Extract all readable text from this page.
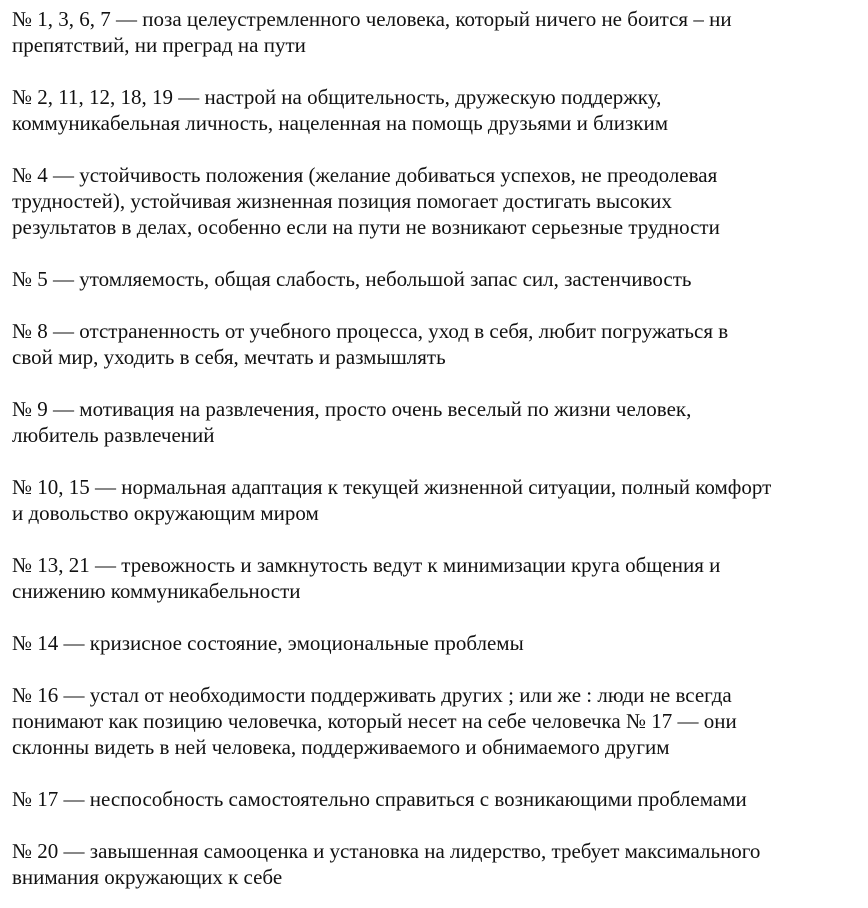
№ 1, 3, 6, 7 — поза целеустремленного человека, который ничего не боится – ни
препятствий, ни преград на пути

№ 2, 11, 12, 18, 19 — настрой на общительность, дружескую поддержку,
коммуникабельная личность, нацеленная на помощь друзьями и близким

№ 4 — устойчивость положения (желание добиваться успехов, не преодолевая
трудностей), устойчивая жизненная позиция помогает достигать высоких
результатов в делах, особенно если на пути не возникают серьезные трудности

№ 5 — утомляемость, общая слабость, небольшой запас сил, застенчивость

№ 8 — отстраненность от учебного процесса, уход в себя, любит погружаться в
свой мир, уходить в себя, мечтать и размышлять

№ 9 — мотивация на развлечения, просто очень веселый по жизни человек,
любитель развлечений

№ 10, 15 — нормальная адаптация к текущей жизненной ситуации, полный комфорт
и довольство окружающим миром

№ 13, 21 — тревожность и замкнутость ведут к минимизации круга общения и
снижению коммуникабельности

№ 14 — кризисное состояние, эмоциональные проблемы

№ 16 — устал от необходимости поддерживать других ; или же : люди не всегда
понимают как позицию человечка, который несет на себе человечка № 17 — они
склонны видеть в ней человека, поддерживаемого и обнимаемого другим

№ 17 — неспособность самостоятельно справиться с возникающими проблемами

№ 20 — завышенная самооценка и установка на лидерство, требует максимального
внимания окружающих к себе
